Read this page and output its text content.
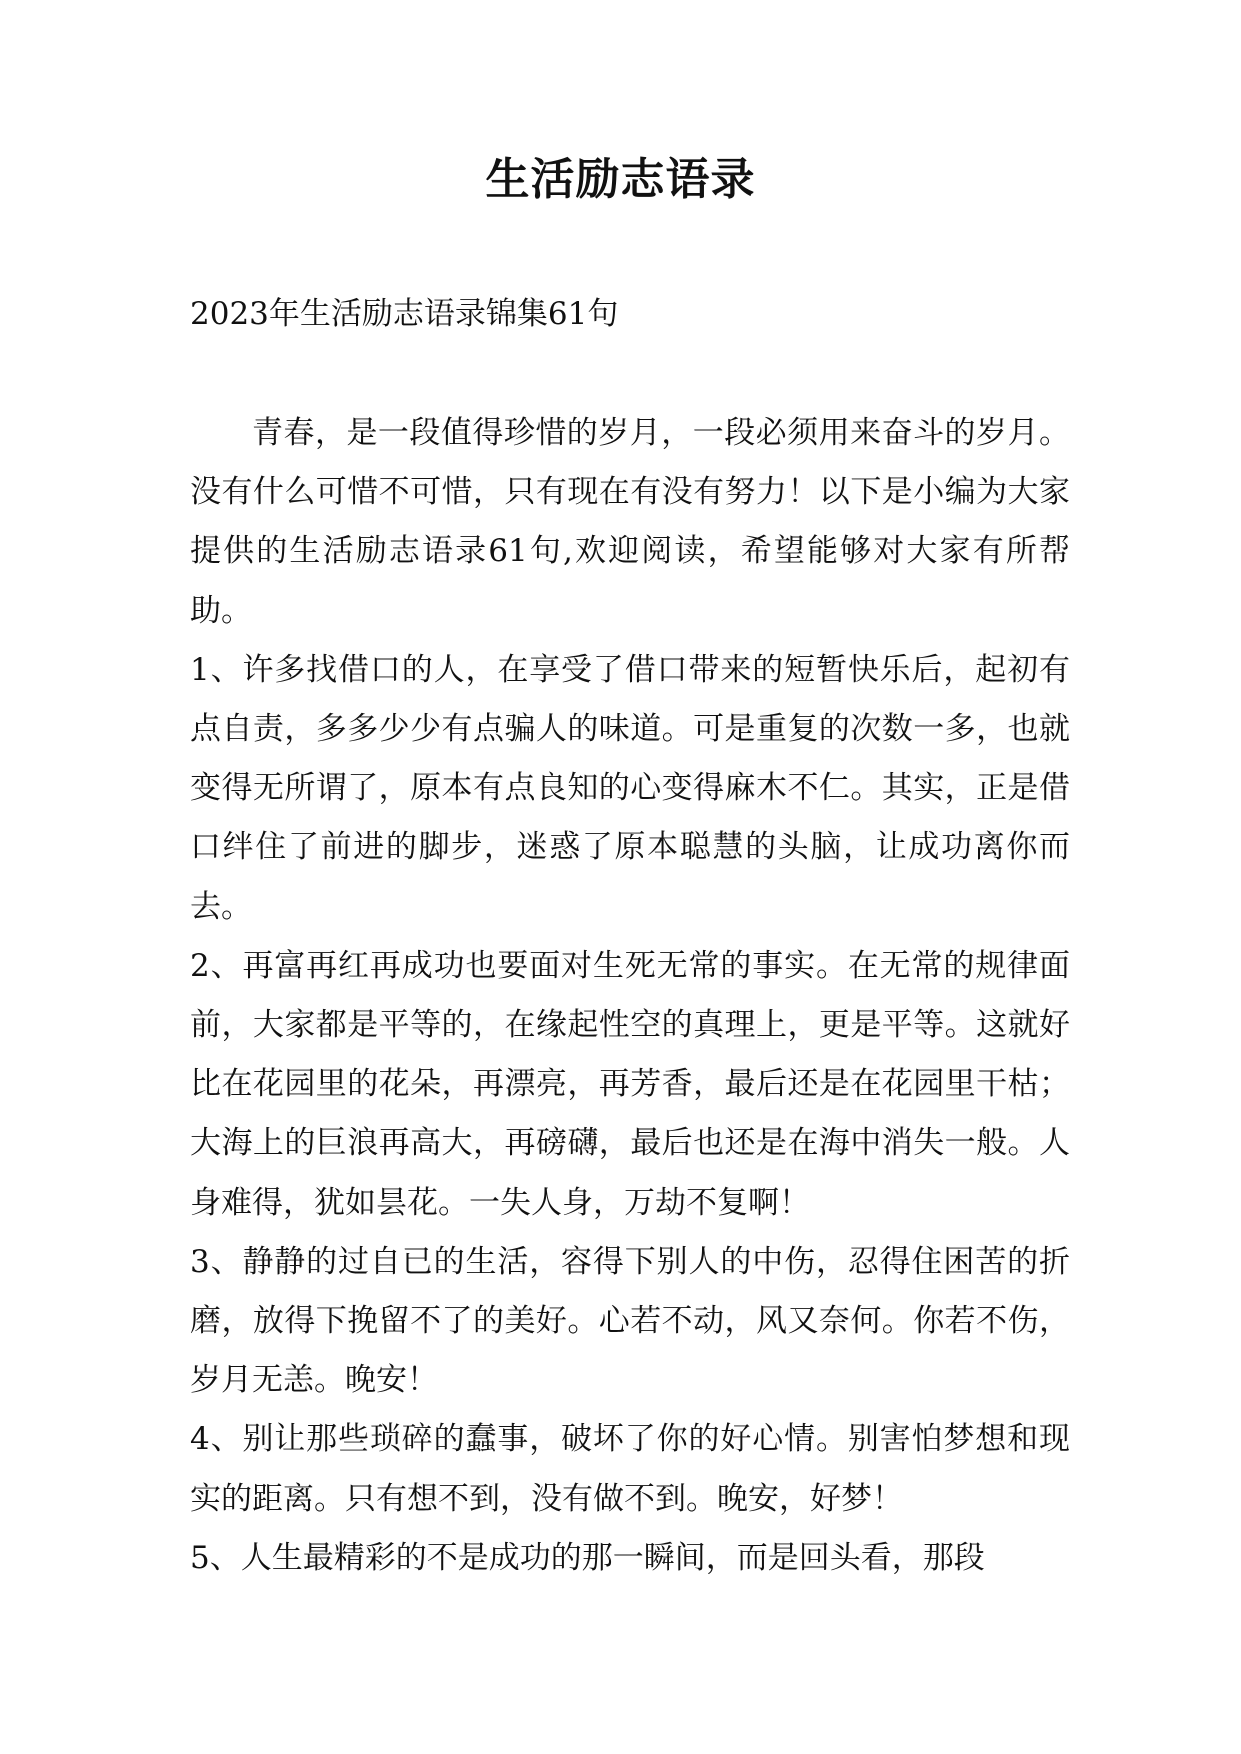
生活励志语录

2023年生活励志语录锦集61句

青春，是一段值得珍惜的岁月，一段必须用来奋斗的岁月。没有什么可惜不可惜，只有现在有没有努力！以下是小编为大家提供的生活励志语录61句,欢迎阅读，希望能够对大家有所帮助。

1、许多找借口的人，在享受了借口带来的短暂快乐后，起初有点自责，多多少少有点骗人的味道。可是重复的次数一多，也就变得无所谓了，原本有点良知的心变得麻木不仁。其实，正是借口绊住了前进的脚步，迷惑了原本聪慧的头脑，让成功离你而去。

2、再富再红再成功也要面对生死无常的事实。在无常的规律面前，大家都是平等的，在缘起性空的真理上，更是平等。这就好比在花园里的花朵，再漂亮，再芳香，最后还是在花园里干枯；大海上的巨浪再高大，再磅礴，最后也还是在海中消失一般。人身难得，犹如昙花。一失人身，万劫不复啊！

3、静静的过自已的生活，容得下别人的中伤，忍得住困苦的折磨，放得下挽留不了的美好。心若不动，风又奈何。你若不伤，岁月无恙。晚安！

4、别让那些琐碎的蠢事，破坏了你的好心情。别害怕梦想和现实的距离。只有想不到，没有做不到。晚安，好梦！

5、人生最精彩的不是成功的那一瞬间，而是回头看，那段
